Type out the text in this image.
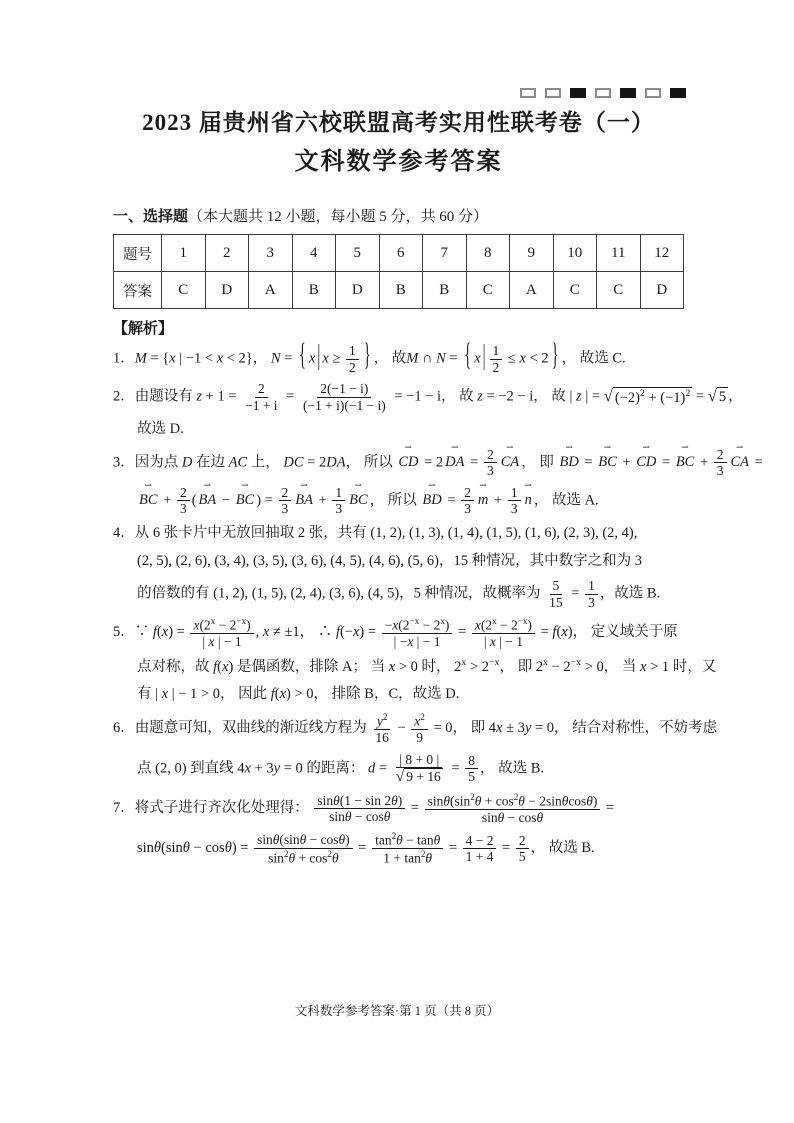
2023 届贵州省六校联盟高考实用性联考卷（一）
文科数学参考答案
一、选择题（本大题共 12 小题，每小题 5 分，共 60 分）
题号	1	2	3	4	5	6	7	8	9	10	11	12
答案	C	D	A	B	D	B	B	C	A	C	C	D
【解析】
1．M = {x | −1 < x < 2}， N = { x | $x \ge \frac{1}{2}$ } ， 故M ∩ N = { x | $\frac{1}{2} \le x < 2$ } ， 故选 C.
2．由题设有 $z + 1 = \frac{2}{-1 + i} = \frac{2(-1 - i)}{(-1 + i)(-1 - i)} = -1 - i$， 故 z = −2 − i， 故 | z | = √ $(-2)^2 + (-1)^2$ = √ 5 ，
故选 D.
3．因为点 D 在边 AC 上， DC = 2DA， 所以
⇀
CD = 2
⇀
DA = $\frac{2}{3}$ ⇀
CA ， 即
⇀
BD =
⇀
BC +
⇀
CD =
⇀
BC + $\frac{2}{3}$ ⇀
CA =
⇀
BC + $\frac{2}{3}$ (
⇀
BA −
⇀
BC ) = $\frac{2}{3}$ ⇀
BA + $\frac{1}{3}$ ⇀
BC ， 所以
⇀
BD = $\frac{2}{3}$ ⇀
$m + \frac{1}{3}$ ⇀
n ， 故选 A.
4．从 6 张卡片中无放回抽取 2 张，共有 (1, 2), (1, 3), (1, 4), (1, 5), (1, 6), (2, 3), (2, 4),
(2, 5), (2, 6), (3, 4), (3, 5), (3, 6), (4, 5), (4, 6), (5, 6)，15 种情况，其中数字之和为 3
的倍数的有 (1, 2), (1, 5), (2, 4), (3, 6), (4, 5)，5 种情况，故概率为 $\frac{5}{15} = \frac{1}{3}$ ，故选 B.
5．∵ $f(x) = \frac{x(2^x - 2^{-x})}{| x | - 1}$ , x ≠ ±1， ∴ $f(-x) = \frac{-x(2^{-x} - 2^x)}{| -x | - 1} = \frac{x(2^x - 2^{-x})}{| x | - 1} = f(x)$， 定义域关于原
点对称，故 f(x) 是偶函数，排除 A； 当 x > 0 时， $2^x > 2^{-x}$， 即 $2^x - 2^{-x} > 0$， 当 x > 1 时，又
有 | x | − 1 > 0， 因此 f(x) > 0， 排除 B，C，故选 D.
6．由题意可知，双曲线的渐近线方程为 $\frac{y^2}{16} - \frac{x^2}{9} = 0$， 即 4x ± 3y = 0， 结合对称性，不妨考虑
点 (2, 0) 到直线 4x + 3y = 0 的距离： $d = \frac{| 8 + 0 |}{√ 9 + 16} = \frac{8}{5}$ ， 故选 B.
7．将式子进行齐次化处理得： $\frac{\sin\theta(1 - \sin 2\theta)}{\sin\theta - \cos\theta} = \frac{\sin\theta(\sin^2\theta + \cos^2\theta - 2\sin\theta\cos\theta)}{\sin\theta - \cos\theta}$ =
$\sin\theta(\sin\theta - \cos\theta) = \frac{\sin\theta(\sin\theta - \cos\theta)}{\sin^2\theta + \cos^2\theta} = \frac{\tan^2\theta - \tan\theta}{1 + \tan^2\theta} = \frac{4 - 2}{1 + 4} = \frac{2}{5}$ ， 故选 B.
文科数学参考答案·第 1 页（共 8 页）
